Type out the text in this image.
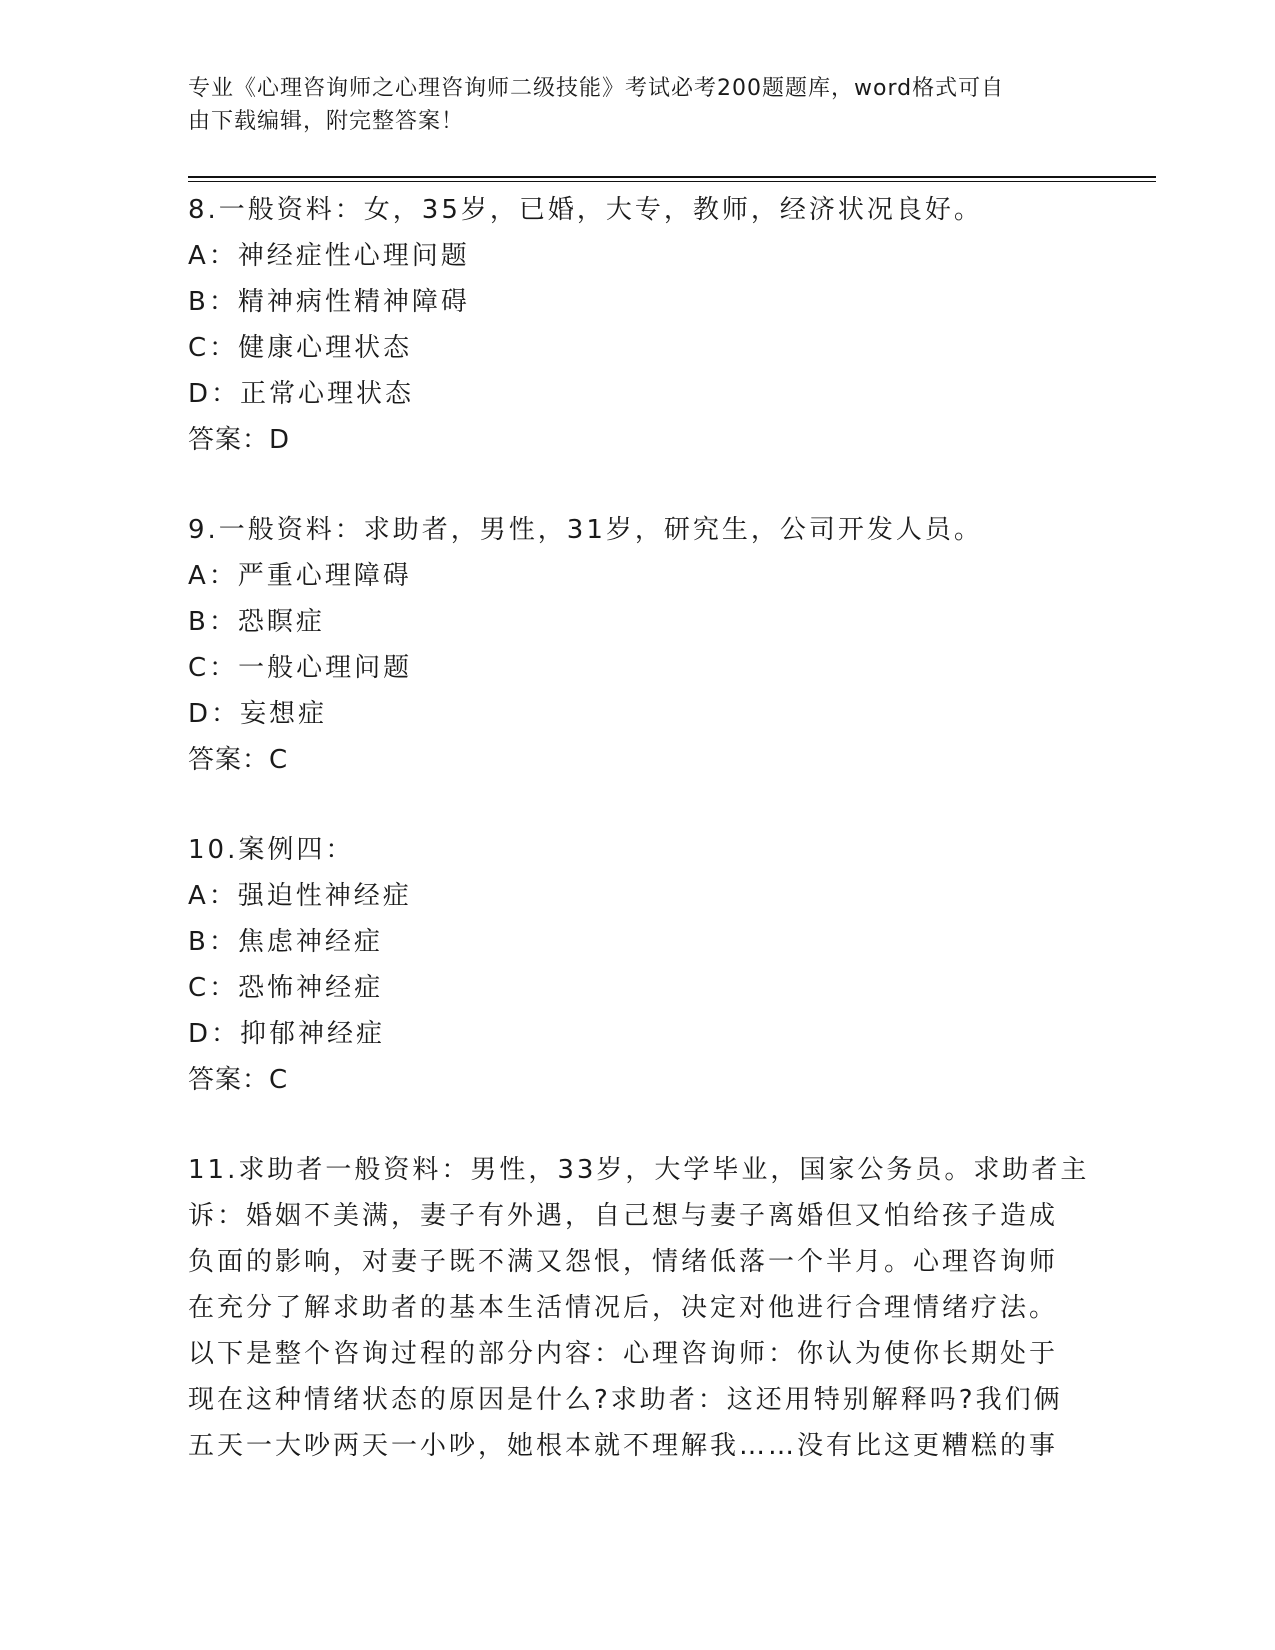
专业《心理咨询师之心理咨询师二级技能》考试必考200题题库，word格式可自
由下载编辑，附完整答案！
8.一般资料：女，35岁，已婚，大专，教师，经济状况良好。
A：神经症性心理问题
B：精神病性精神障碍
C：健康心理状态
D：正常心理状态
答案：D
9.一般资料：求助者，男性，31岁，研究生，公司开发人员。
A：严重心理障碍
B：恐瞑症
C：一般心理问题
D：妄想症
答案：C
10.案例四：
A：强迫性神经症
B：焦虑神经症
C：恐怖神经症
D：抑郁神经症
答案：C
11.求助者一般资料：男性，33岁，大学毕业，国家公务员。求助者主
诉：婚姻不美满，妻子有外遇，自己想与妻子离婚但又怕给孩子造成
负面的影响，对妻子既不满又怨恨，情绪低落一个半月。心理咨询师
在充分了解求助者的基本生活情况后，决定对他进行合理情绪疗法。
以下是整个咨询过程的部分内容：心理咨询师：你认为使你长期处于
现在这种情绪状态的原因是什么?求助者：这还用特别解释吗?我们俩
五天一大吵两天一小吵，她根本就不理解我……没有比这更糟糕的事
